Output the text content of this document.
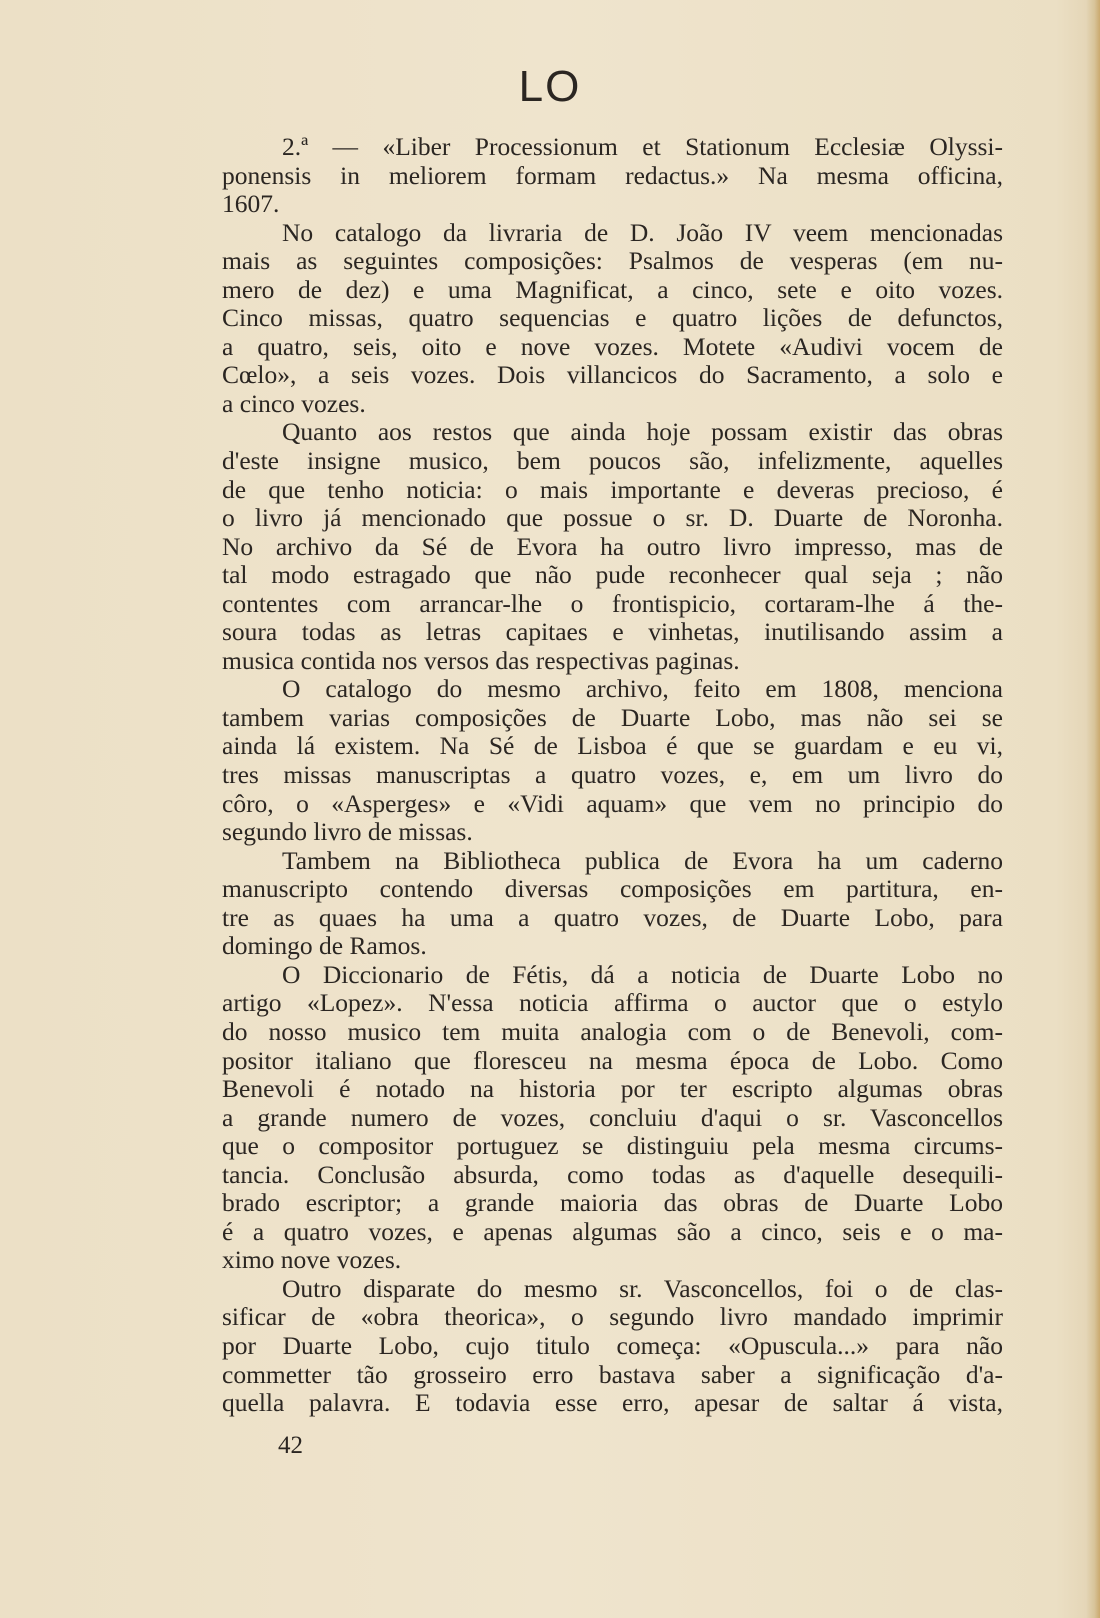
LO
2.ª — «Liber Processionum et Stationum Ecclesiæ Olyssi-
ponensis in meliorem formam redactus.» Na mesma officina,
1607.
No catalogo da livraria de D. João IV veem mencionadas
mais as seguintes composições: Psalmos de vesperas (em nu-
mero de dez) e uma Magnificat, a cinco, sete e oito vozes.
Cinco missas, quatro sequencias e quatro lições de defunctos,
a quatro, seis, oito e nove vozes. Motete «Audivi vocem de
Cœlo», a seis vozes. Dois villancicos do Sacramento, a solo e
a cinco vozes.
Quanto aos restos que ainda hoje possam existir das obras
d'este insigne musico, bem poucos são, infelizmente, aquelles
de que tenho noticia: o mais importante e deveras precioso, é
o livro já mencionado que possue o sr. D. Duarte de Noronha.
No archivo da Sé de Evora ha outro livro impresso, mas de
tal modo estragado que não pude reconhecer qual seja ; não
contentes com arrancar-lhe o frontispicio, cortaram-lhe á the-
soura todas as letras capitaes e vinhetas, inutilisando assim a
musica contida nos versos das respectivas paginas.
O catalogo do mesmo archivo, feito em 1808, menciona
tambem varias composições de Duarte Lobo, mas não sei se
ainda lá existem. Na Sé de Lisboa é que se guardam e eu vi,
tres missas manuscriptas a quatro vozes, e, em um livro do
côro, o «Asperges» e «Vidi aquam» que vem no principio do
segundo livro de missas.
Tambem na Bibliotheca publica de Evora ha um caderno
manuscripto contendo diversas composições em partitura, en-
tre as quaes ha uma a quatro vozes, de Duarte Lobo, para
domingo de Ramos.
O Diccionario de Fétis, dá a noticia de Duarte Lobo no
artigo «Lopez». N'essa noticia affirma o auctor que o estylo
do nosso musico tem muita analogia com o de Benevoli, com-
positor italiano que floresceu na mesma época de Lobo. Como
Benevoli é notado na historia por ter escripto algumas obras
a grande numero de vozes, concluiu d'aqui o sr. Vasconcellos
que o compositor portuguez se distinguiu pela mesma circums-
tancia. Conclusão absurda, como todas as d'aquelle desequili-
brado escriptor; a grande maioria das obras de Duarte Lobo
é a quatro vozes, e apenas algumas são a cinco, seis e o ma-
ximo nove vozes.
Outro disparate do mesmo sr. Vasconcellos, foi o de clas-
sificar de «obra theorica», o segundo livro mandado imprimir
por Duarte Lobo, cujo titulo começa: «Opuscula...» para não
commetter tão grosseiro erro bastava saber a significação d'a-
quella palavra. E todavia esse erro, apesar de saltar á vista,
42
